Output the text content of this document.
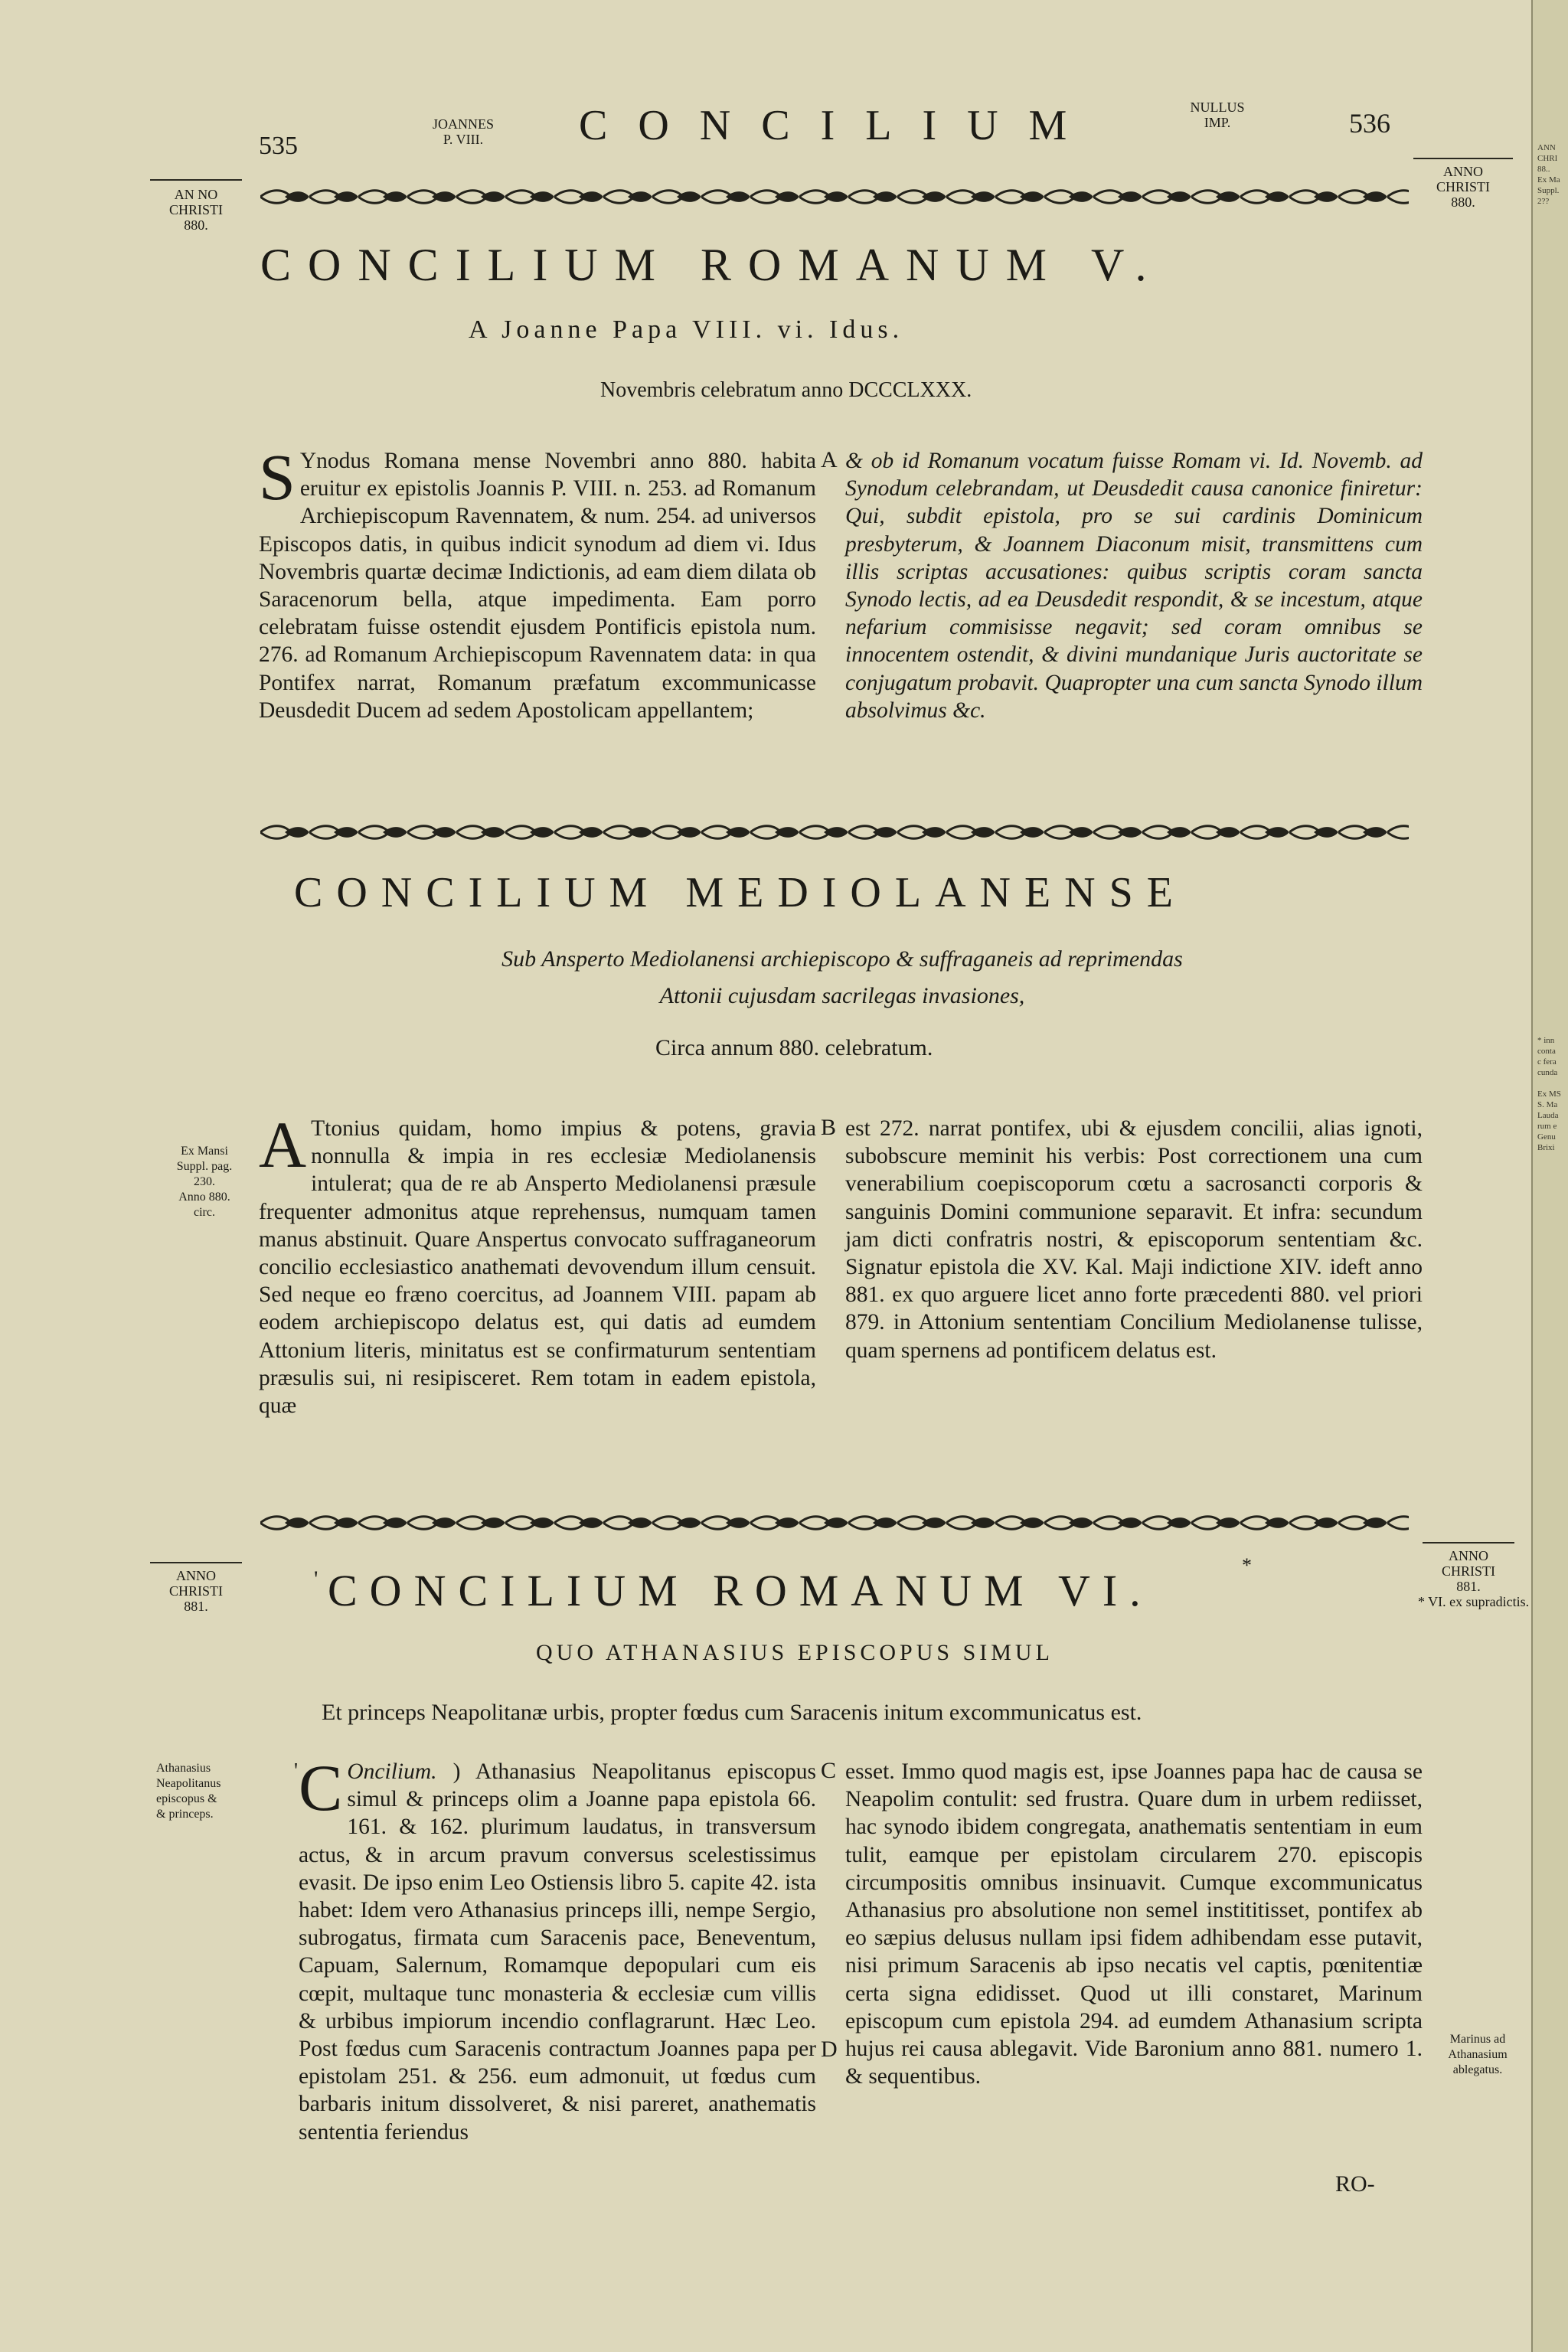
535
JOANNES
P. VIII.	CONCILIUM	NULLUS
IMP.	536
AN NO
CHRISTI
880.
ANNO
CHRISTI
880.
CONCILIUM ROMANUM V.
A Joanne Papa VIII. vi. Idus.
Novembris celebratum anno DCCCLXXX.
S Ynodus Romana mense Novembri anno 880. habita eruitur ex epistolis Joannis P. VIII. n. 253. ad Romanum Archiepiscopum Ravennatem, & num. 254. ad universos Episcopos datis, in quibus indicit synodum ad diem vi. Idus Novembris quartæ decimæ Indictionis, ad eam diem dilata ob Saracenorum bella, atque impedimenta. Eam porro celebratam fuisse ostendit ejusdem Pontificis epistola num. 276. ad Romanum Archiepiscopum Ravennatem data: in qua Pontifex narrat, Romanum præfatum excommunicasse Deusdedit Ducem ad sedem Apostolicam appellantem;
A & ob id Romanum vocatum fuisse Romam vi. Id. Novemb. ad Synodum celebrandam, ut Deusdedit causa canonice finiretur: Qui, subdit epistola, pro se sui cardinis Dominicum presbyterum, & Joannem Diaconum misit, transmittens cum illis scriptas accusationes: quibus scriptis coram sancta Synodo lectis, ad ea Deusdedit respondit, & se incestum, atque nefarium commisisse negavit; sed coram omnibus se innocentem ostendit, & divini mundanique Juris auctoritate se conjugatum probavit. Quapropter una cum sancta Synodo illum absolvimus &c.
CONCILIUM MEDIOLANENSE
Sub Ansperto Mediolanensi archiepiscopo & suffraganeis ad reprimendas
Attonii cujusdam sacrilegas invasiones,
Circa annum 880. celebratum.
Ex Mansi
Suppl. pag.
230.
Anno 880.
circ.
A Ttonius quidam, homo impius & potens, gravia nonnulla & impia in res ecclesiæ Mediolanensis intulerat; qua de re ab Ansperto Mediolanensi præsule frequenter admonitus atque reprehensus, numquam tamen manus abstinuit. Quare Anspertus convocato suffraganeorum concilio ecclesiastico anathemati devovendum illum censuit. Sed neque eo fræno coercitus, ad Joannem VIII. papam ab eodem archiepiscopo delatus est, qui datis ad eumdem Attonium literis, minitatus est se confirmaturum sententiam præsulis sui, ni resipisceret. Rem totam in eadem epistola, quæ
B est 272. narrat pontifex, ubi & ejusdem concilii, alias ignoti, subobscure meminit his verbis: Post correctionem una cum venerabilium coepiscoporum cœtu a sacrosancti corporis & sanguinis Domini communione separavit. Et infra: secundum jam dicti confratris nostri, & episcoporum sententiam &c. Signatur epistola die XV. Kal. Maji indictione XIV. ideft anno 881. ex quo arguere licet anno forte præcedenti 880. vel priori 879. in Attonium sententiam Concilium Mediolanense tulisse, quam spernens ad pontificem delatus est.
ANNO
CHRISTI
881.
ANNO
CHRISTI
881.
* VI. ex supradictis.
'
*
CONCILIUM ROMANUM VI.
QUO ATHANASIUS EPISCOPUS SIMUL
Et princeps Neapolitanæ urbis, propter fœdus cum Saracenis initum excommunicatus est.
Athanasius
Neapolitanus
episcopus &
& princeps.
Marinus ad
Athanasium
ablegatus.
' C Oncilium. ) Athanasius Neapolitanus episcopus simul & princeps olim a Joanne papa epistola 66. 161. & 162. plurimum laudatus, in transversum actus, & in arcum pravum conversus scelestissimus evasit. De ipso enim Leo Ostiensis libro 5. capite 42. ista habet: Idem vero Athanasius princeps illi, nempe Sergio, subrogatus, firmata cum Saracenis pace, Beneventum, Capuam, Salernum, Romamque depopulari cum eis cœpit, multaque tunc monasteria & ecclesiæ cum villis & urbibus impiorum incendio conflagrarunt. Hæc Leo. Post fœdus cum Saracenis contractum Joannes papa per epistolam 251. & 256. eum admonuit, ut fœdus cum barbaris initum dissolveret, & nisi pareret, anathematis sententia feriendus
C
D
esset. Immo quod magis est, ipse Joannes papa hac de causa se Neapolim contulit: sed frustra. Quare dum in urbem rediisset, hac synodo ibidem congregata, anathematis sententiam in eum tulit, eamque per epistolam circularem 270. episcopis circumpositis omnibus insinuavit. Cumque excommunicatus Athanasius pro absolutione non semel instititisset, pontifex ab eo sæpius delusus nullam ipsi fidem adhibendam esse putavit, nisi primum Saracenis ab ipso necatis vel captis, pœnitentiæ certa signa edidisset. Quod ut illi constaret, Marinum episcopum cum epistola 294. ad eumdem Athanasium scripta hujus rei causa ablegavit. Vide Baronium anno 881. numero 1. & sequentibus.
RO-
ANN
CHRI
88..
Ex Ma
Suppl.
2??
* inn
conta
c fera
cunda

Ex MS
S. Ma
Lauda
rum e
Genu
Brixi
